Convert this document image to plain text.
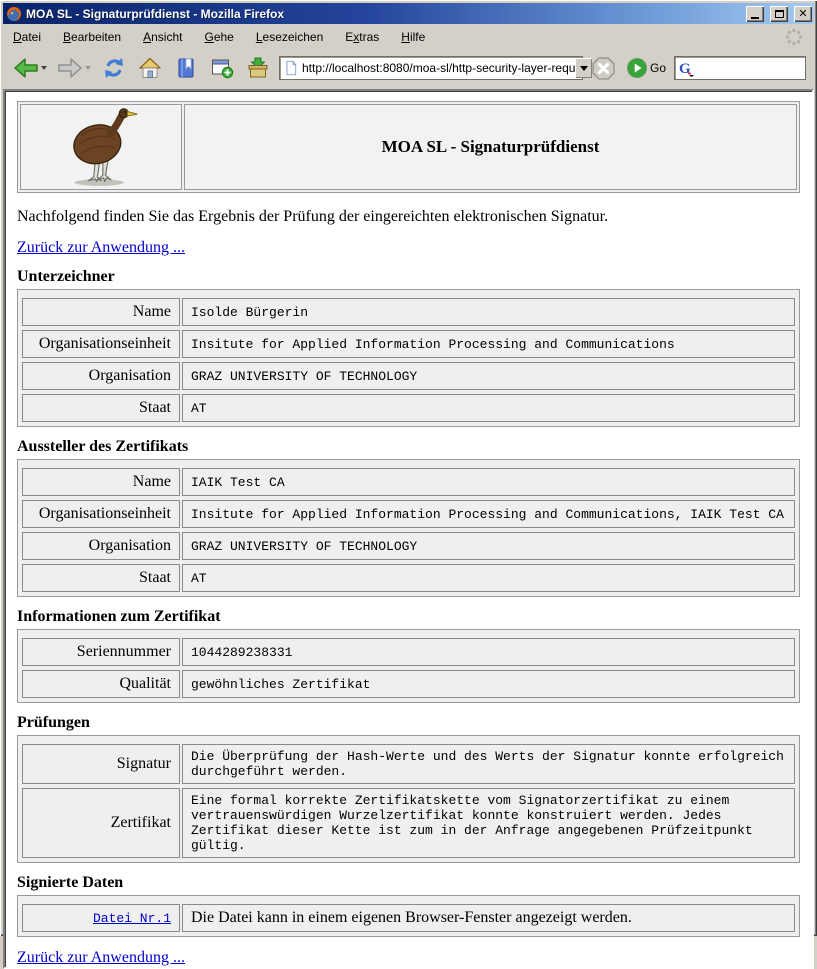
MOA SL - Signaturprüfdienst - Mozilla Firefox	✕
Datei	Bearbeiten	Ansicht	Gehe	Lesezeichen	Extras	Hilfe
http://localhost:8080/moa-sl/http-security-layer-requ	Go G
MOA SL - Signaturprüfdienst

Nachfolgend finden Sie das Ergebnis der Prüfung der eingereichten elektronischen Signatur.

Zurück zur Anwendung ...
Unterzeichner
Name	Isolde Bürgerin
Organisationseinheit	Insitute for Applied Information Processing and Communications
Organisation	GRAZ UNIVERSITY OF TECHNOLOGY
Staat	AT
Aussteller des Zertifikats
Name	IAIK Test CA
Organisationseinheit	Insitute for Applied Information Processing and Communications, IAIK Test CA
Organisation	GRAZ UNIVERSITY OF TECHNOLOGY
Staat	AT
Informationen zum Zertifikat
Seriennummer	1044289238331
Qualität	gewöhnliches Zertifikat
Prüfungen
Signatur	Die Überprüfung der Hash-Werte und des Werts der Signatur konnte erfolgreich durchgeführt werden.
Zertifikat	Eine formal korrekte Zertifikatskette vom Signatorzertifikat zu einem vertrauenswürdigen Wurzelzertifikat konnte konstruiert werden. Jedes Zertifikat dieser Kette ist zum in der Anfrage angegebenen Prüfzeitpunkt gültig.
Signierte Daten
Datei Nr.1	Die Datei kann in einem eigenen Browser-Fenster angezeigt werden.
Zurück zur Anwendung ...
